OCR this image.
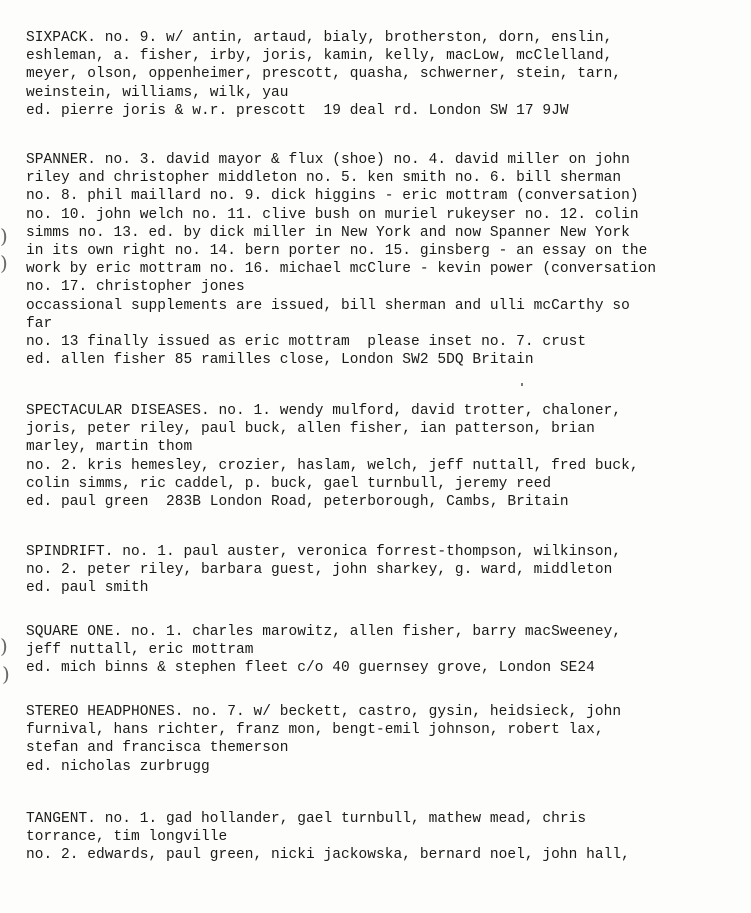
SIXPACK. no. 9. w/ antin, artaud, bialy, brotherston, dorn, enslin,
eshleman, a. fisher, irby, joris, kamin, kelly, macLow, mcClelland,
meyer, olson, oppenheimer, prescott, quasha, schwerner, stein, tarn,
weinstein, williams, wilk, yau
ed. pierre joris & w.r. prescott  19 deal rd. London SW 17 9JW
SPANNER. no. 3. david mayor & flux (shoe) no. 4. david miller on john
riley and christopher middleton no. 5. ken smith no. 6. bill sherman
no. 8. phil maillard no. 9. dick higgins - eric mottram (conversation)
no. 10. john welch no. 11. clive bush on muriel rukeyser no. 12. colin
simms no. 13. ed. by dick miller in New York and now Spanner New York
in its own right no. 14. bern porter no. 15. ginsberg - an essay on the
work by eric mottram no. 16. michael mcClure - kevin power (conversation
no. 17. christopher jones
occassional supplements are issued, bill sherman and ulli mcCarthy so
far
no. 13 finally issued as eric mottram  please inset no. 7. crust
ed. allen fisher 85 ramilles close, London SW2 5DQ Britain
SPECTACULAR DISEASES. no. 1. wendy mulford, david trotter, chaloner,
joris, peter riley, paul buck, allen fisher, ian patterson, brian
marley, martin thom
no. 2. kris hemesley, crozier, haslam, welch, jeff nuttall, fred buck,
colin simms, ric caddel, p. buck, gael turnbull, jeremy reed
ed. paul green  283B London Road, peterborough, Cambs, Britain
SPINDRIFT. no. 1. paul auster, veronica forrest-thompson, wilkinson,
no. 2. peter riley, barbara guest, john sharkey, g. ward, middleton
ed. paul smith
SQUARE ONE. no. 1. charles marowitz, allen fisher, barry macSweeney,
jeff nuttall, eric mottram
ed. mich binns & stephen fleet c/o 40 guernsey grove, London SE24
STEREO HEADPHONES. no. 7. w/ beckett, castro, gysin, heidsieck, john
furnival, hans richter, franz mon, bengt-emil johnson, robert lax,
stefan and francisca themerson
ed. nicholas zurbrugg
TANGENT. no. 1. gad hollander, gael turnbull, mathew mead, chris
torrance, tim longville
no. 2. edwards, paul green, nicki jackowska, bernard noel, john hall,
)
)
)
)
